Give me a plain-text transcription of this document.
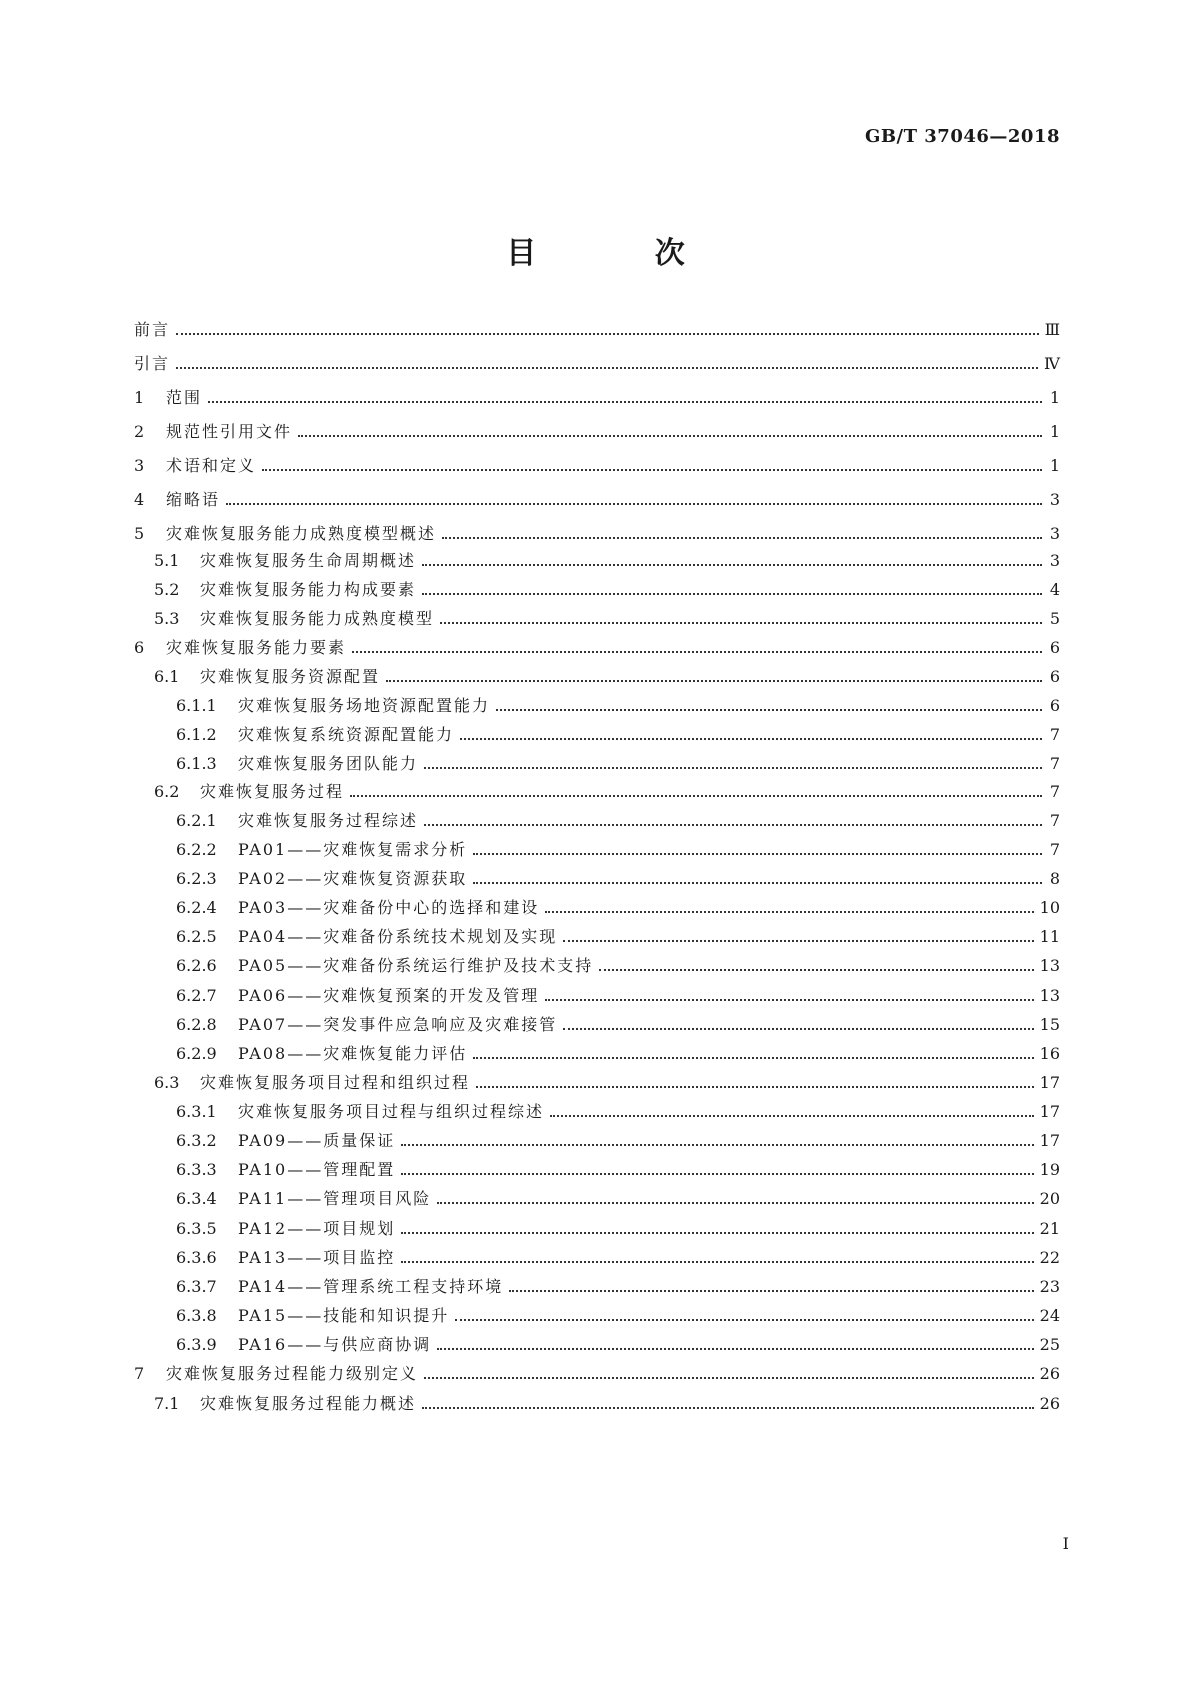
GB/T 37046—2018
目 次
前言	Ⅲ
引言	Ⅳ
1	范围	1
2	规范性引用文件	1
3	术语和定义	1
4	缩略语	3
5	灾难恢复服务能力成熟度模型概述	3
5.1	灾难恢复服务生命周期概述	3
5.2	灾难恢复服务能力构成要素	4
5.3	灾难恢复服务能力成熟度模型	5
6	灾难恢复服务能力要素	6
6.1	灾难恢复服务资源配置	6
6.1.1	灾难恢复服务场地资源配置能力	6
6.1.2	灾难恢复系统资源配置能力	7
6.1.3	灾难恢复服务团队能力	7
6.2	灾难恢复服务过程	7
6.2.1	灾难恢复服务过程综述	7
6.2.2	PA01——灾难恢复需求分析	7
6.2.3	PA02——灾难恢复资源获取	8
6.2.4	PA03——灾难备份中心的选择和建设	10
6.2.5	PA04——灾难备份系统技术规划及实现	11
6.2.6	PA05——灾难备份系统运行维护及技术支持	13
6.2.7	PA06——灾难恢复预案的开发及管理	13
6.2.8	PA07——突发事件应急响应及灾难接管	15
6.2.9	PA08——灾难恢复能力评估	16
6.3	灾难恢复服务项目过程和组织过程	17
6.3.1	灾难恢复服务项目过程与组织过程综述	17
6.3.2	PA09——质量保证	17
6.3.3	PA10——管理配置	19
6.3.4	PA11——管理项目风险	20
6.3.5	PA12——项目规划	21
6.3.6	PA13——项目监控	22
6.3.7	PA14——管理系统工程支持环境	23
6.3.8	PA15——技能和知识提升	24
6.3.9	PA16——与供应商协调	25
7	灾难恢复服务过程能力级别定义	26
7.1	灾难恢复服务过程能力概述	26
I
